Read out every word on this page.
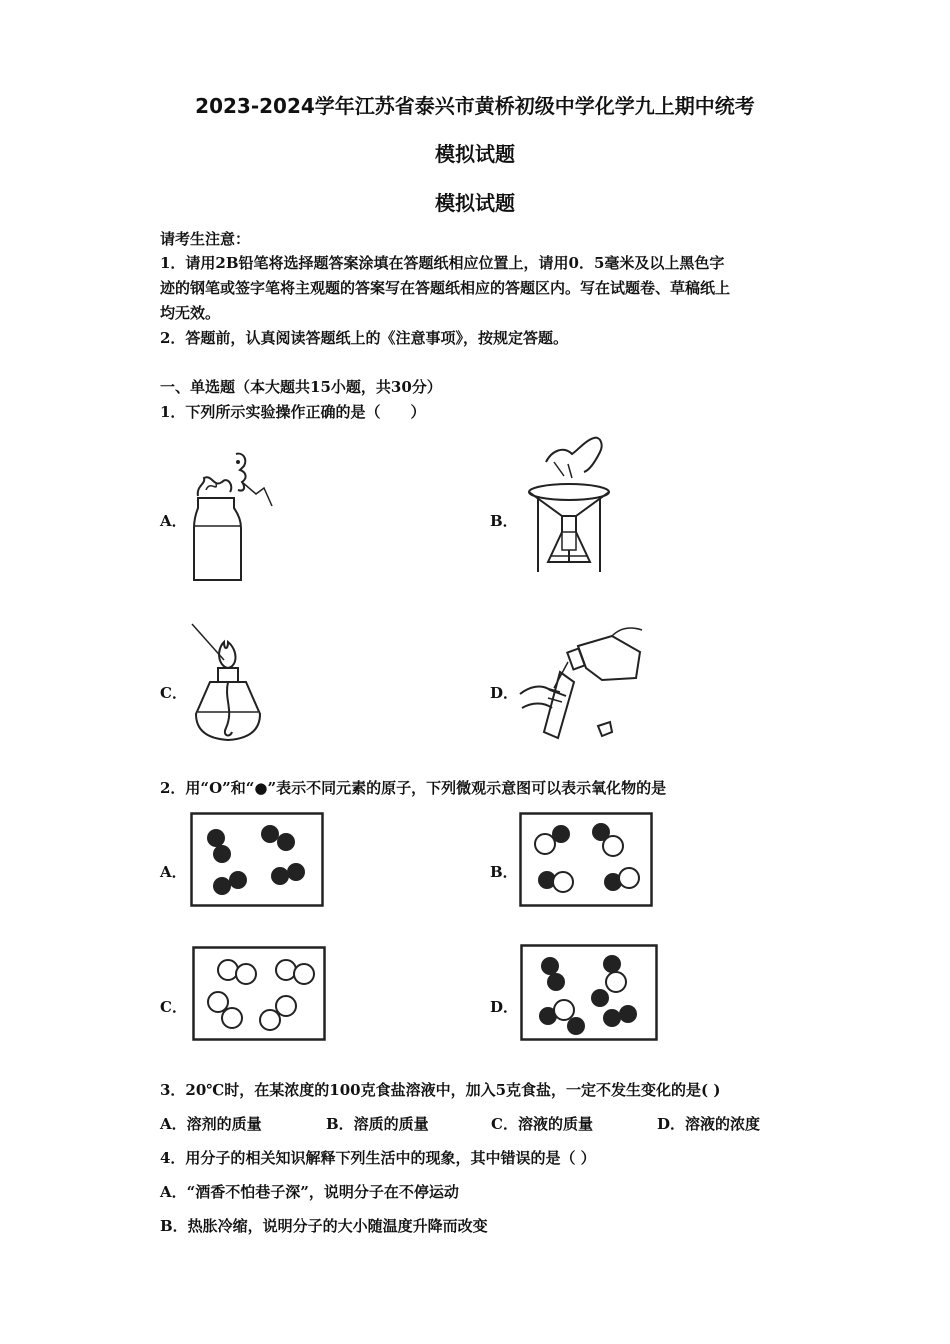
2023-2024学年江苏省泰兴市黄桥初级中学化学九上期中统考
模拟试题
模拟试题
请考生注意：
1．请用2B铅笔将选择题答案涂填在答题纸相应位置上，请用0．5毫米及以上黑色字
迹的钢笔或签字笔将主观题的答案写在答题纸相应的答题区内。写在试题卷、草稿纸上
均无效。
2．答题前，认真阅读答题纸上的《注意事项》，按规定答题。
一、单选题（本大题共15小题，共30分）
1．下列所示实验操作正确的是（　　）
A．	B．
C．	D．
2．用“O”和“●”表示不同元素的原子，下列微观示意图可以表示氧化物的是
A．	B．
C．	D．
3．20℃时，在某浓度的100克食盐溶液中，加入5克食盐，一定不发生变化的是( )
A．溶剂的质量	B．溶质的质量	C．溶液的质量	D．溶液的浓度
4．用分子的相关知识解释下列生活中的现象，其中错误的是（ ）
A．“酒香不怕巷子深”，说明分子在不停运动
B．热胀冷缩，说明分子的大小随温度升降而改变
